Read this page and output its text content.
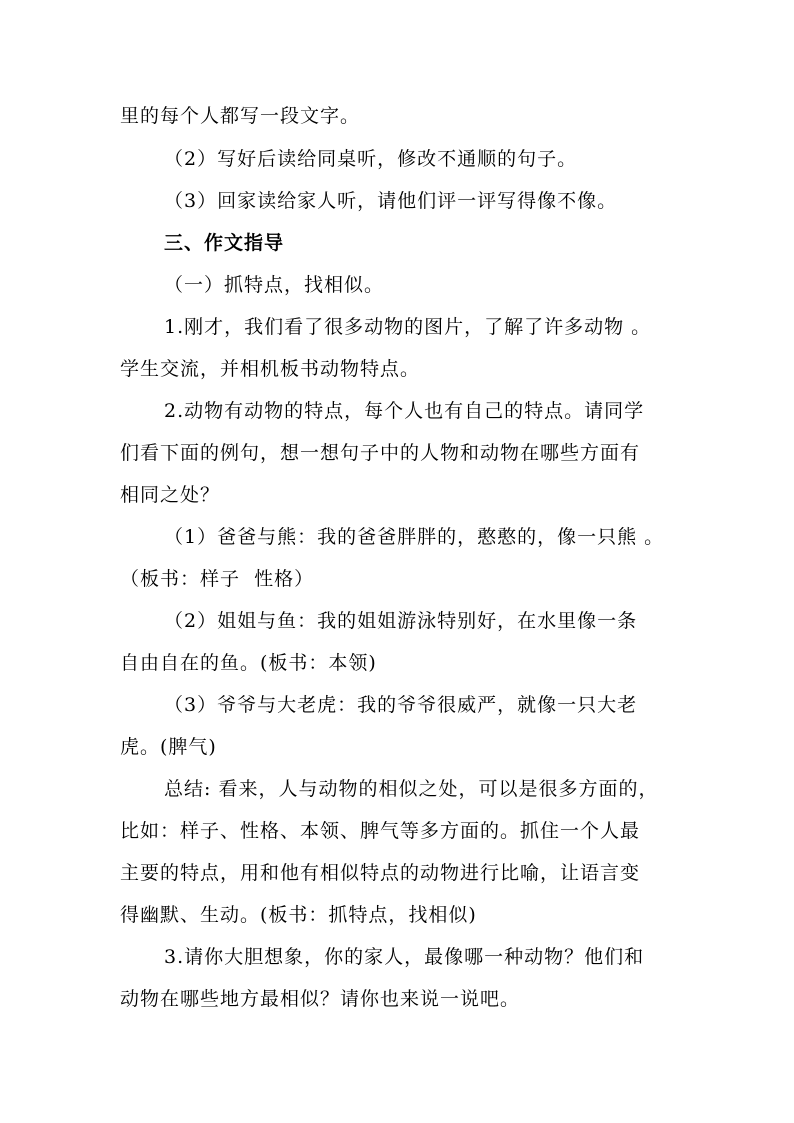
里的每个人都写一段文字。
（2）写好后读给同桌听，修改不通顺的句子。
（3）回家读给家人听，请他们评一评写得像不像。
三、作文指导
（一）抓特点，找相似。
1.刚才，我们看了很多动物的图片，了解了许多动物 。
学生交流，并相机板书动物特点。
2.动物有动物的特点，每个人也有自己的特点。请同学
们看下面的例句，想一想句子中的人物和动物在哪些方面有
相同之处？
（1）爸爸与熊：我的爸爸胖胖的，憨憨的，像一只熊 。
（板书：样子  性格）
（2）姐姐与鱼：我的姐姐游泳特别好，在水里像一条
自由自在的鱼。(板书：本领)
（3）爷爷与大老虎：我的爷爷很威严，就像一只大老
虎。(脾气)
总结: 看来，人与动物的相似之处，可以是很多方面的，
比如：样子、性格、本领、脾气等多方面的。抓住一个人最
主要的特点，用和他有相似特点的动物进行比喻，让语言变
得幽默、生动。(板书：抓特点，找相似)
3.请你大胆想象，你的家人，最像哪一种动物？他们和
动物在哪些地方最相似？请你也来说一说吧。
